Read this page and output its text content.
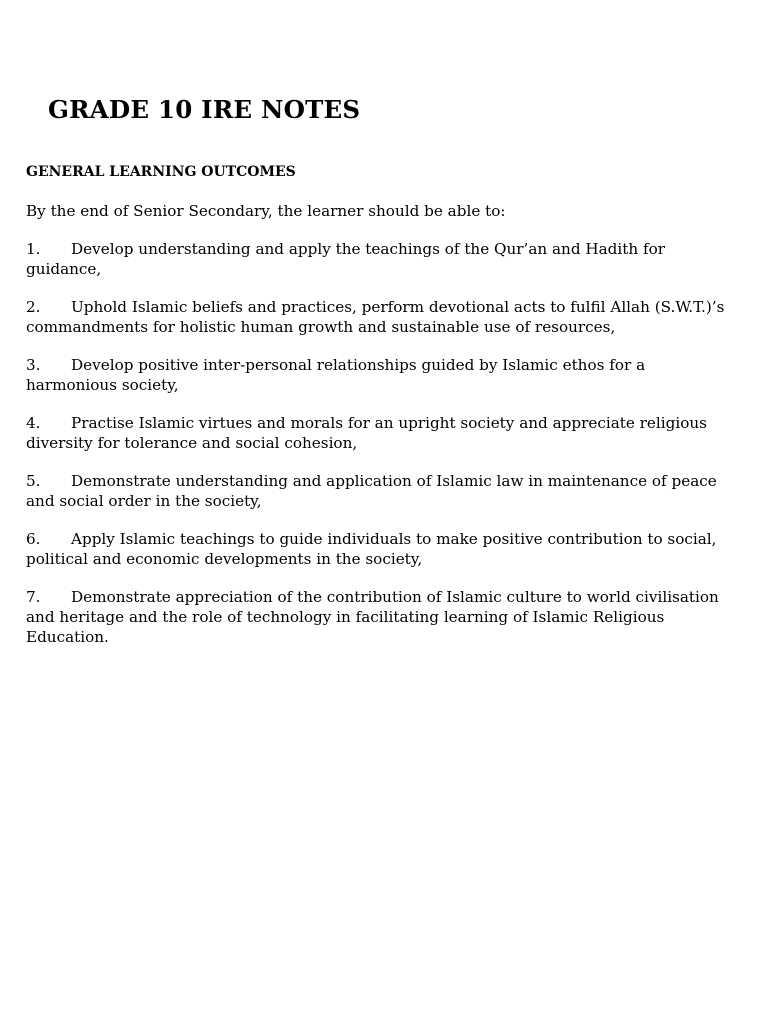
GRADE 10 IRE NOTES
GENERAL LEARNING OUTCOMES

By the end of Senior Secondary, the learner should be able to:

1. Develop understanding and apply the teachings of the Qur’an and Hadith for guidance,
2. Uphold Islamic beliefs and practices, perform devotional acts to fulfil Allah (S.W.T.)’s commandments for holistic human growth and sustainable use of resources,
3. Develop positive inter-personal relationships guided by Islamic ethos for a harmonious society,
4. Practise Islamic virtues and morals for an upright society and appreciate religious diversity for tolerance and social cohesion,
5. Demonstrate understanding and application of Islamic law in maintenance of peace and social order in the society,
6. Apply Islamic teachings to guide individuals to make positive contribution to social, political and economic developments in the society,
7. Demonstrate appreciation of the contribution of Islamic culture to world civilisation and heritage and the role of technology in facilitating learning of Islamic Religious Education.
